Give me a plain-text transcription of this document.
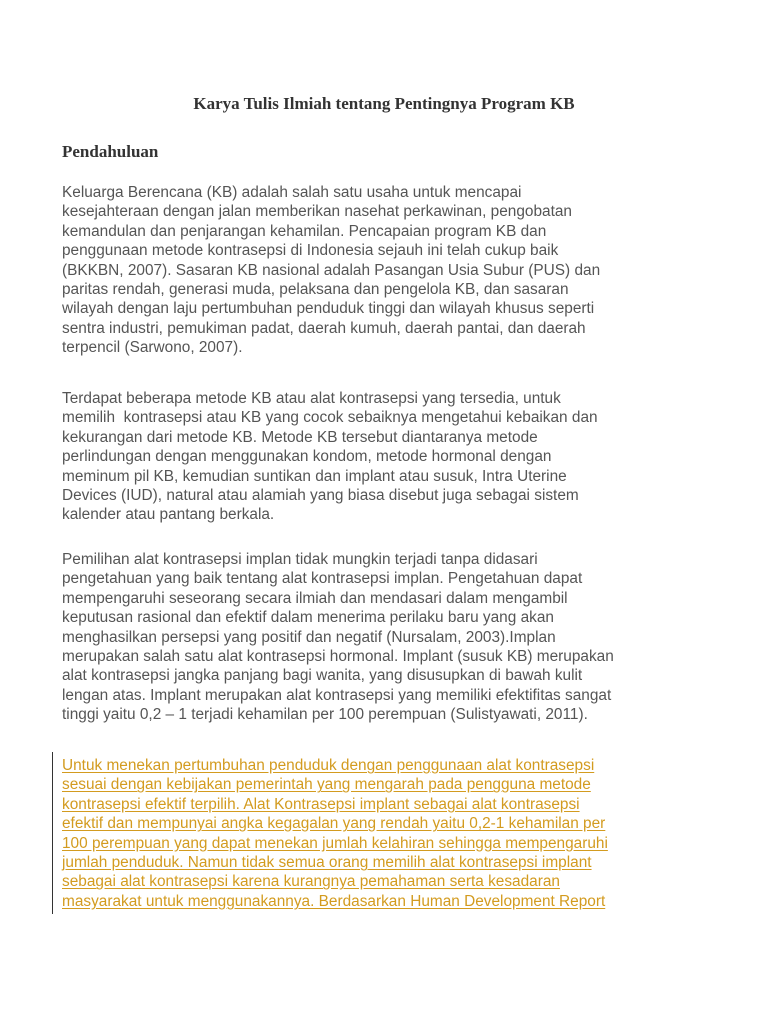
Karya Tulis Ilmiah tentang Pentingnya Program KB
Pendahuluan

Keluarga Berencana (KB) adalah salah satu usaha untuk mencapai
kesejahteraan dengan jalan memberikan nasehat perkawinan, pengobatan
kemandulan dan penjarangan kehamilan. Pencapaian program KB dan
penggunaan metode kontrasepsi di Indonesia sejauh ini telah cukup baik
(BKKBN, 2007). Sasaran KB nasional adalah Pasangan Usia Subur (PUS) dan
paritas rendah, generasi muda, pelaksana dan pengelola KB, dan sasaran
wilayah dengan laju pertumbuhan penduduk tinggi dan wilayah khusus seperti
sentra industri, pemukiman padat, daerah kumuh, daerah pantai, dan daerah
terpencil (Sarwono, 2007).

Terdapat beberapa metode KB atau alat kontrasepsi yang tersedia, untuk
memilih  kontrasepsi atau KB yang cocok sebaiknya mengetahui kebaikan dan
kekurangan dari metode KB. Metode KB tersebut diantaranya metode
perlindungan dengan menggunakan kondom, metode hormonal dengan
meminum pil KB, kemudian suntikan dan implant atau susuk, Intra Uterine
Devices (IUD), natural atau alamiah yang biasa disebut juga sebagai sistem
kalender atau pantang berkala.

Pemilihan alat kontrasepsi implan tidak mungkin terjadi tanpa didasari
pengetahuan yang baik tentang alat kontrasepsi implan. Pengetahuan dapat
mempengaruhi seseorang secara ilmiah dan mendasari dalam mengambil
keputusan rasional dan efektif dalam menerima perilaku baru yang akan
menghasilkan persepsi yang positif dan negatif (Nursalam, 2003).Implan
merupakan salah satu alat kontrasepsi hormonal. Implant (susuk KB) merupakan
alat kontrasepsi jangka panjang bagi wanita, yang disusupkan di bawah kulit
lengan atas. Implant merupakan alat kontrasepsi yang memiliki efektifitas sangat
tinggi yaitu 0,2 – 1 terjadi kehamilan per 100 perempuan (Sulistyawati, 2011).

Untuk menekan pertumbuhan penduduk dengan penggunaan alat kontrasepsi
sesuai dengan kebijakan pemerintah yang mengarah pada pengguna metode
kontrasepsi efektif terpilih. Alat Kontrasepsi implant sebagai alat kontrasepsi
efektif dan mempunyai angka kegagalan yang rendah yaitu 0,2-1 kehamilan per
100 perempuan yang dapat menekan jumlah kelahiran sehingga mempengaruhi
jumlah penduduk. Namun tidak semua orang memilih alat kontrasepsi implant
sebagai alat kontrasepsi karena kurangnya pemahaman serta kesadaran
masyarakat untuk menggunakannya. Berdasarkan Human Development Report
